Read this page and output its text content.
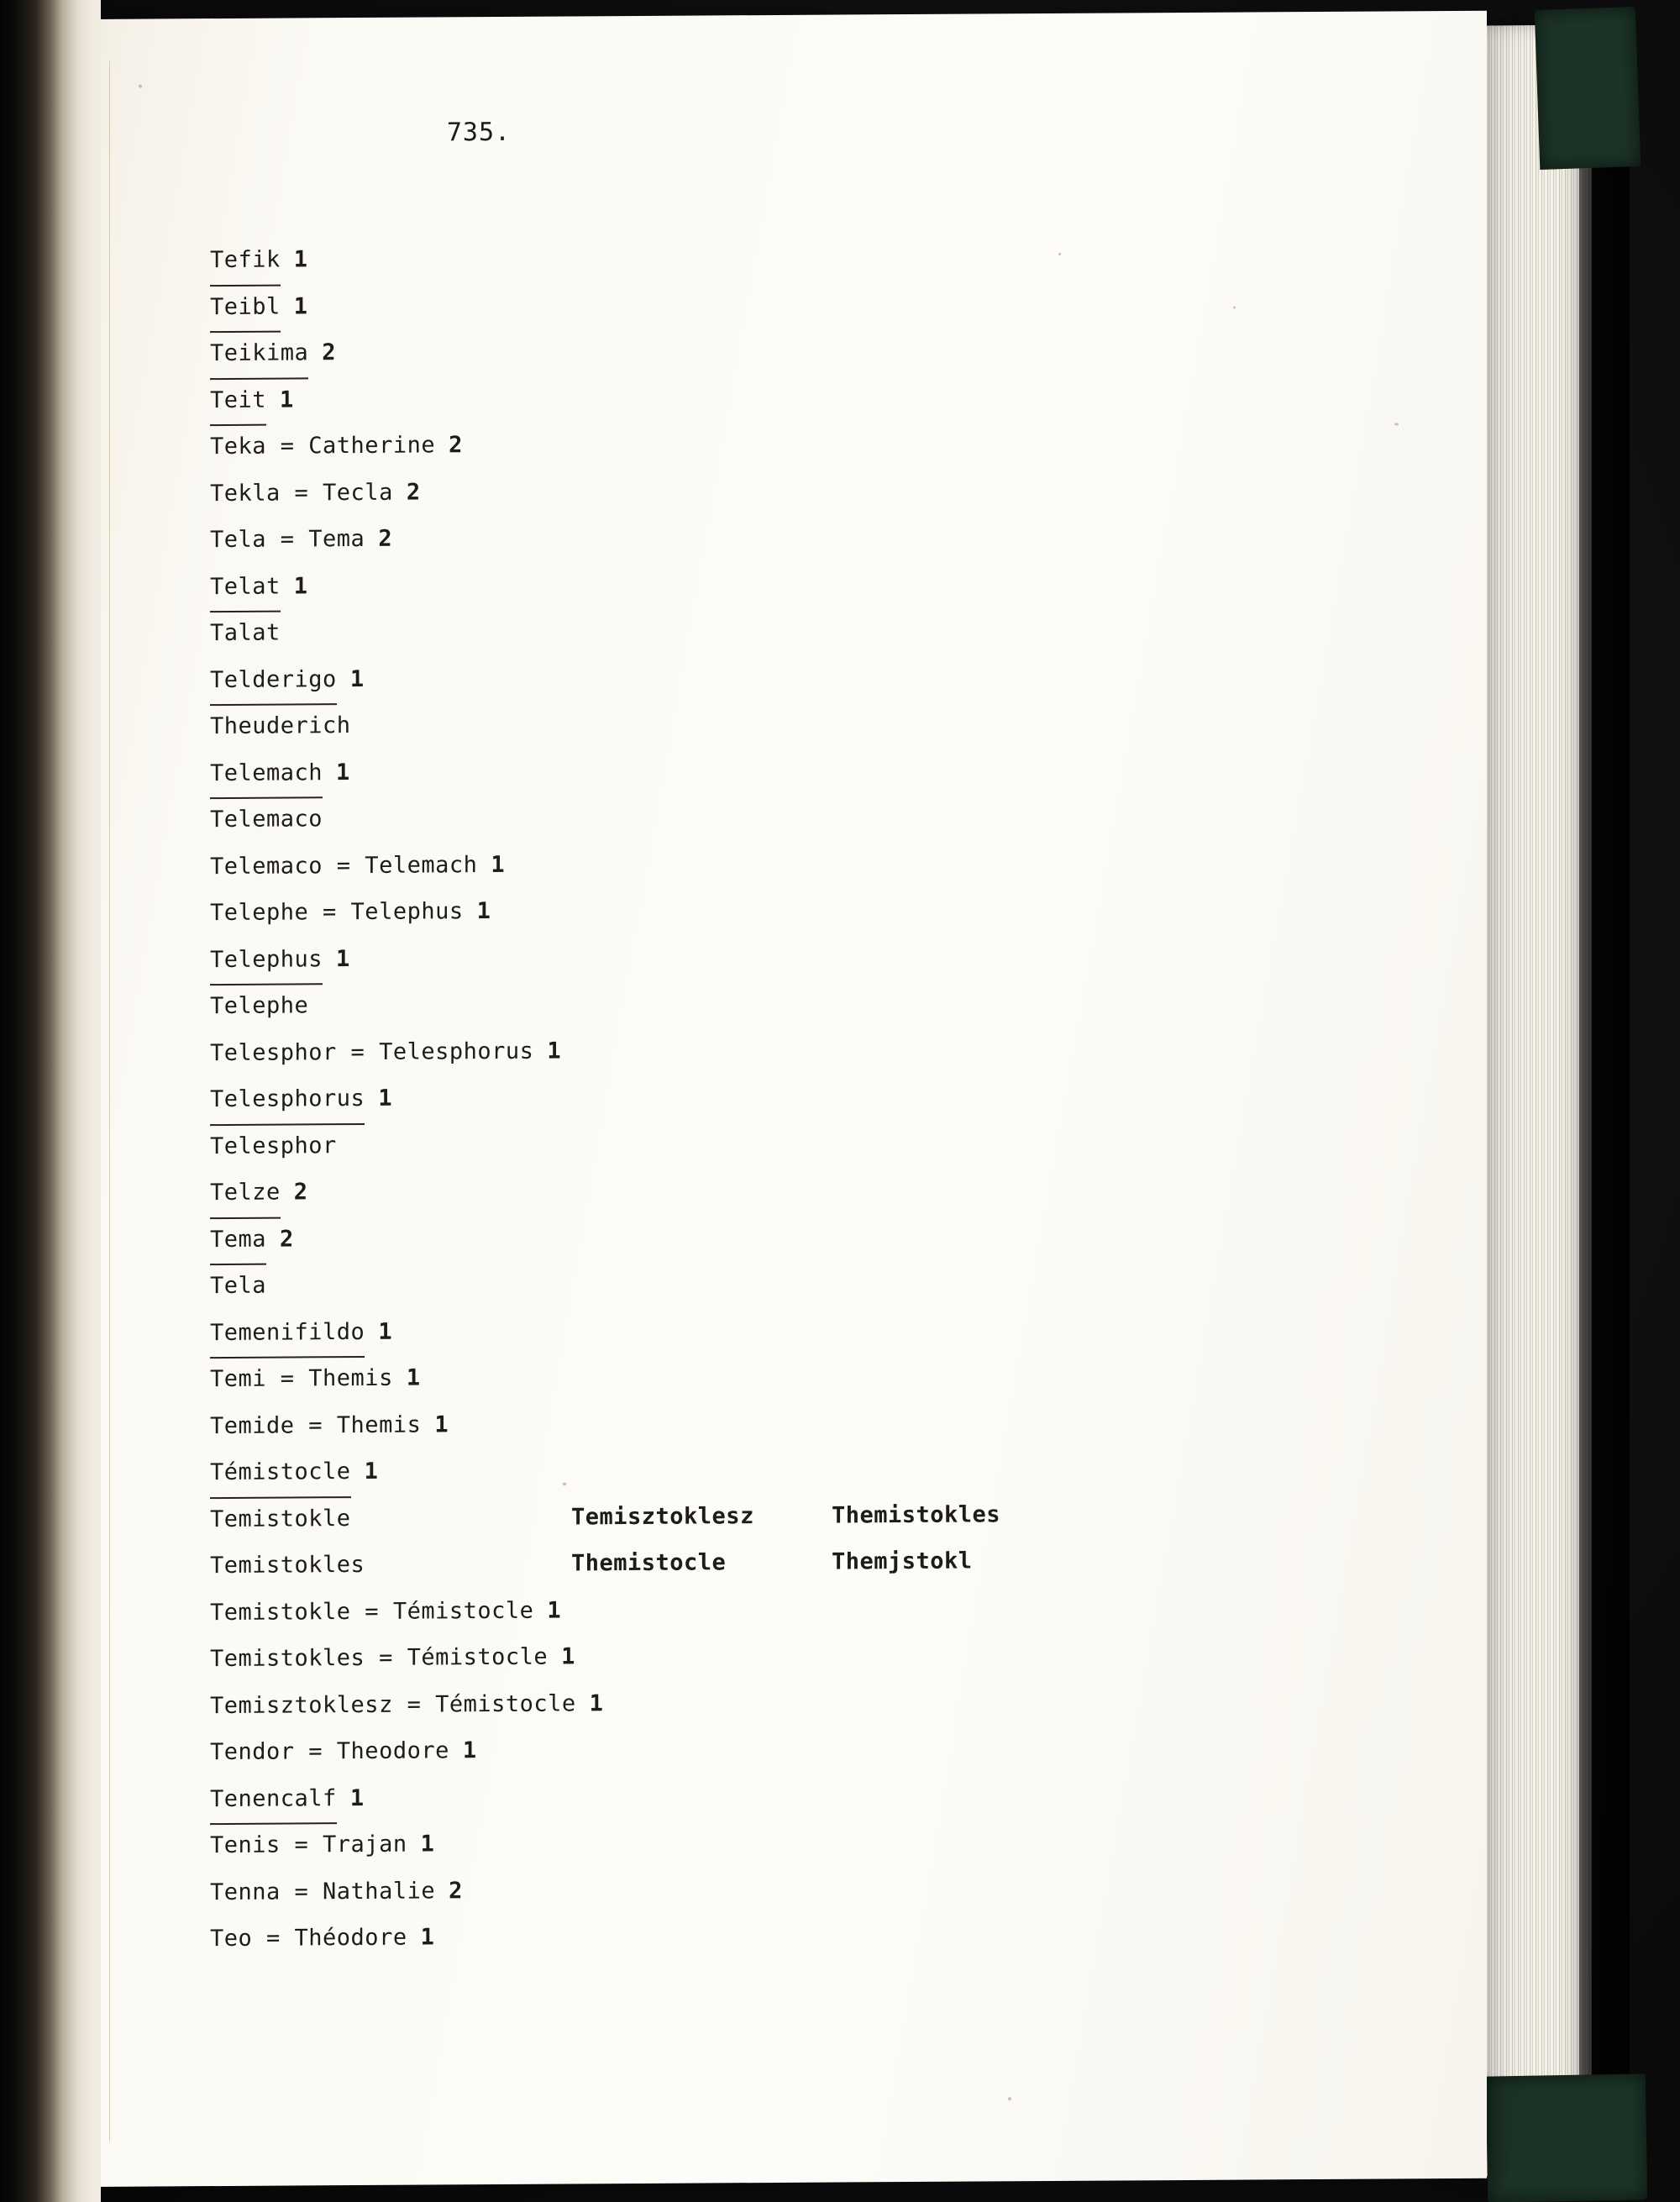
735.
Tefik 1
Teibl 1
Teikima 2
Teit 1
Teka = Catherine 2
Tekla = Tecla 2
Tela = Tema 2
Telat 1
Talat
Telderigo 1
Theuderich
Telemach 1
Telemaco
Telemaco = Telemach 1
Telephe = Telephus 1
Telephus 1
Telephe
Telesphor = Telesphorus 1
Telesphorus 1
Telesphor
Telze 2
Tema 2
Tela
Temenifildo 1
Temi = Themis 1
Temide = Themis 1
Témistocle 1
Temistokle	Temisztoklesz	Themistokles
Temistokles	Themistocle	Themjstokl
Temistokle = Témistocle 1
Temistokles = Témistocle 1
Temisztoklesz = Témistocle 1
Tendor = Theodore 1
Tenencalf 1
Tenis = Trajan 1
Tenna = Nathalie 2
Teo = Théodore 1
